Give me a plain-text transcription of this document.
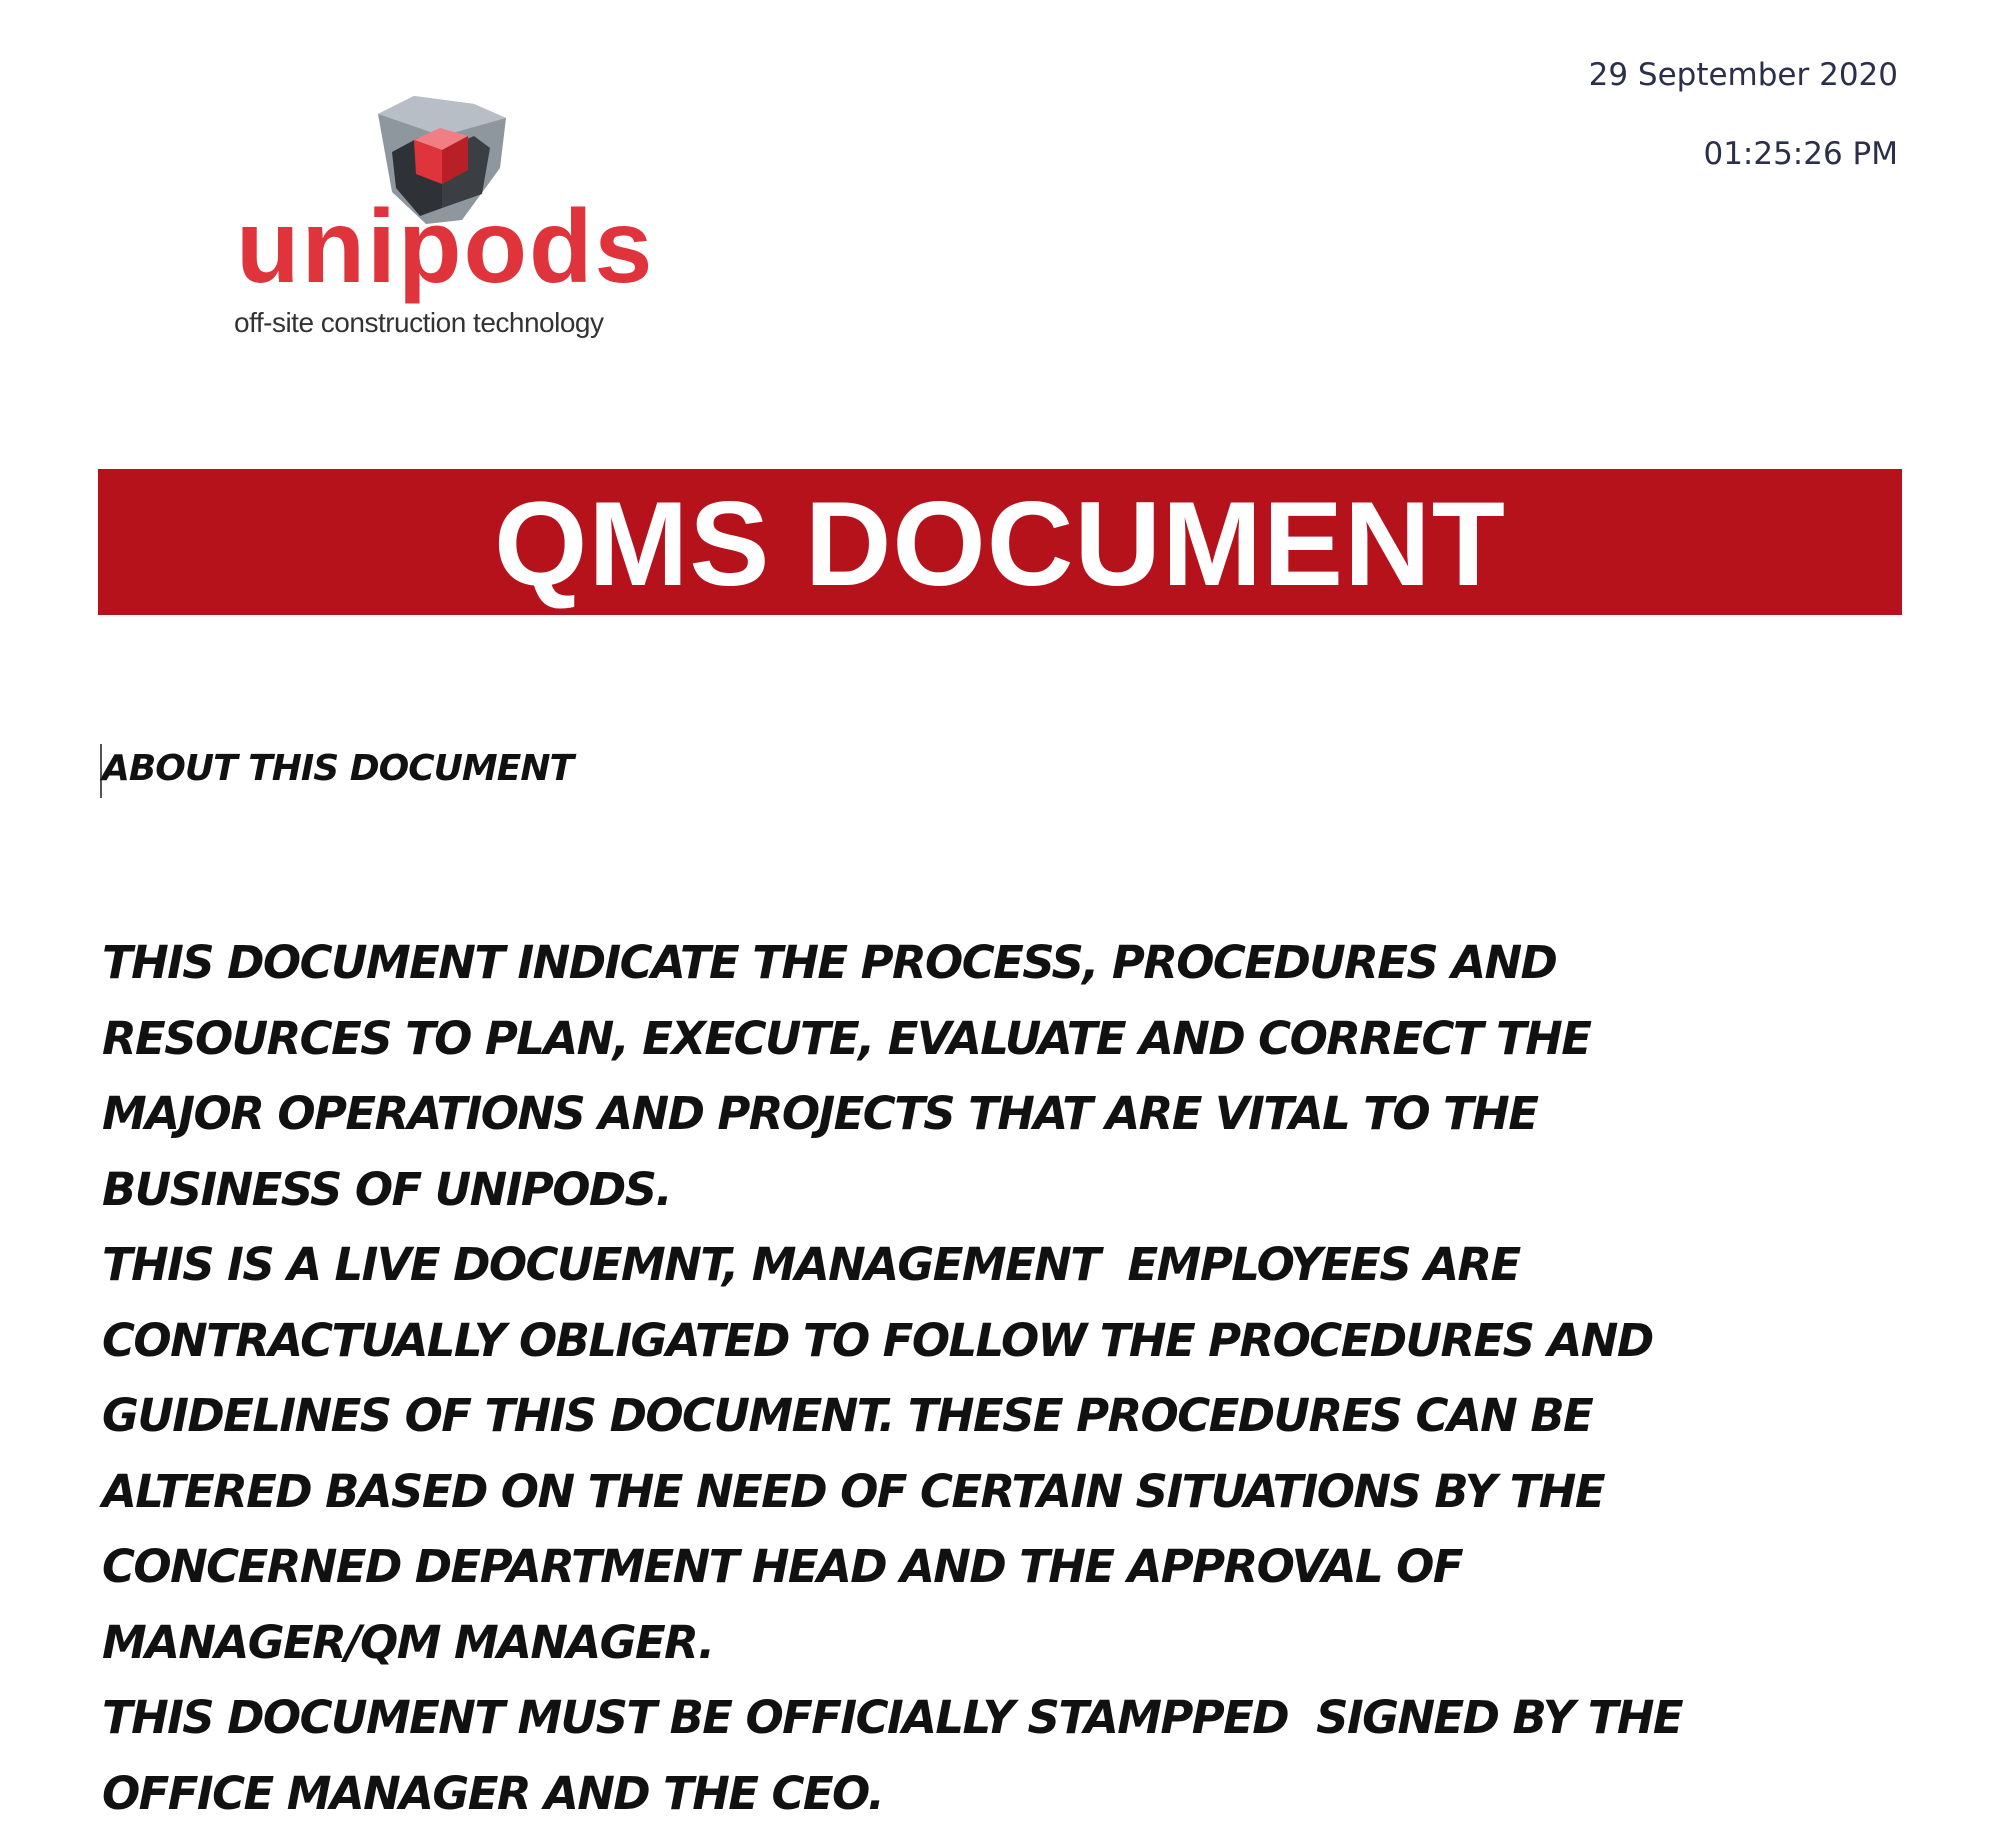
29 September 2020
01:25:26 PM
unipods
off-site construction technology
QMS DOCUMENT
ABOUT THIS DOCUMENT
THIS DOCUMENT INDICATE THE PROCESS, PROCEDURES AND
RESOURCES TO PLAN, EXECUTE, EVALUATE AND CORRECT THE
MAJOR OPERATIONS AND PROJECTS THAT ARE VITAL TO THE
BUSINESS OF UNIPODS.
THIS IS A LIVE DOCUEMNT, MANAGEMENT  EMPLOYEES ARE
CONTRACTUALLY OBLIGATED TO FOLLOW THE PROCEDURES AND
GUIDELINES OF THIS DOCUMENT. THESE PROCEDURES CAN BE
ALTERED BASED ON THE NEED OF CERTAIN SITUATIONS BY THE
CONCERNED DEPARTMENT HEAD AND THE APPROVAL OF
MANAGER/QM MANAGER.
THIS DOCUMENT MUST BE OFFICIALLY STAMPPED  SIGNED BY THE
OFFICE MANAGER AND THE CEO.
